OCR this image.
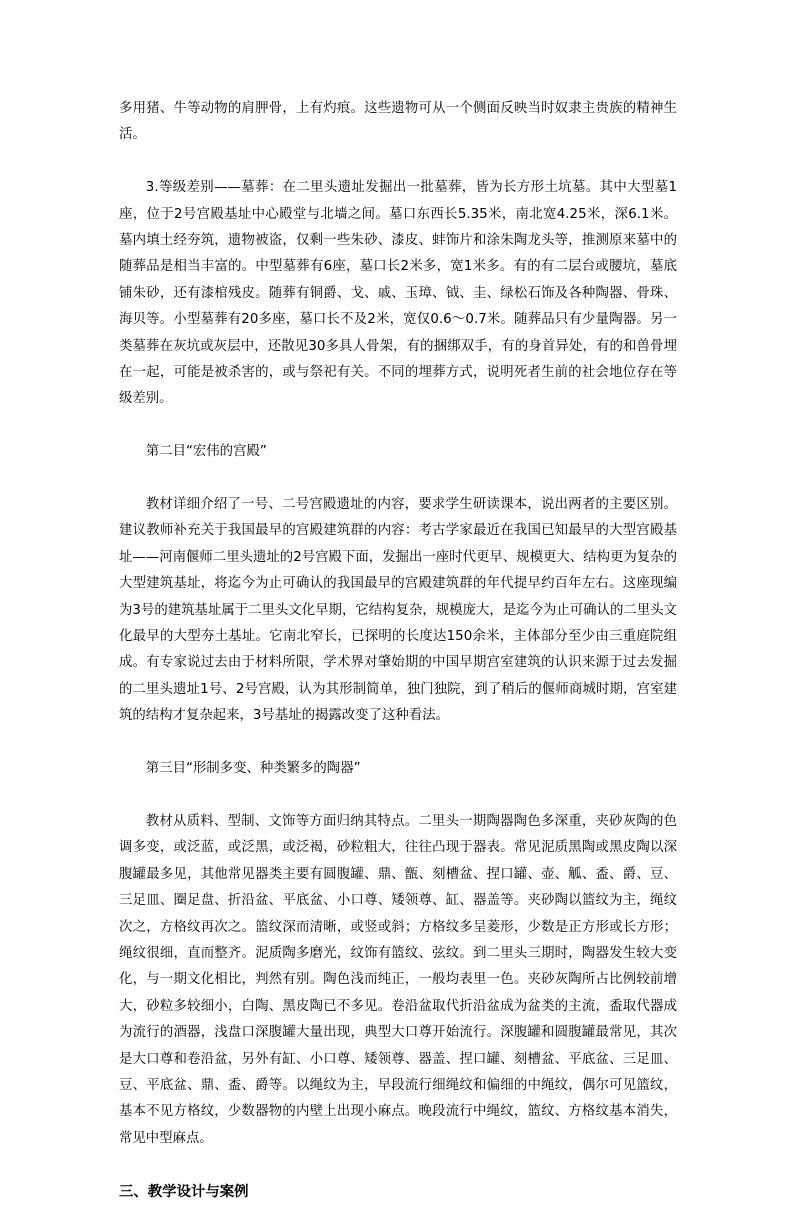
多用猪、牛等动物的肩胛骨，上有灼痕。这些遗物可从一个侧面反映当时奴隶主贵族的精神生活。

3.等级差别——墓葬：在二里头遗址发掘出一批墓葬，皆为长方形土坑墓。其中大型墓1座，位于2号宫殿基址中心殿堂与北墙之间。墓口东西长5.35米，南北宽4.25米，深6.1米。墓内填土经夯筑，遗物被盗，仅剩一些朱砂、漆皮、蚌饰片和涂朱陶龙头等，推测原来墓中的随葬品是相当丰富的。中型墓葬有6座，墓口长2米多，宽1米多。有的有二层台或腰坑，墓底铺朱砂，还有漆棺残皮。随葬有铜爵、戈、戚、玉璋、钺、圭、绿松石饰及各种陶器、骨珠、海贝等。小型墓葬有20多座，墓口长不及2米，宽仅0.6～0.7米。随葬品只有少量陶器。另一类墓葬在灰坑或灰层中，还散见30多具人骨架，有的捆绑双手，有的身首异处，有的和兽骨埋在一起，可能是被杀害的，或与祭祀有关。不同的埋葬方式，说明死者生前的社会地位存在等级差别。

第二目“宏伟的宫殿”

教材详细介绍了一号、二号宫殿遗址的内容，要求学生研读课本，说出两者的主要区别。建议教师补充关于我国最早的宫殿建筑群的内容：考古学家最近在我国已知最早的大型宫殿基址——河南偃师二里头遗址的2号宫殿下面，发掘出一座时代更早、规模更大、结构更为复杂的大型建筑基址，将迄今为止可确认的我国最早的宫殿建筑群的年代提早约百年左右。这座现编为3号的建筑基址属于二里头文化早期，它结构复杂，规模庞大，是迄今为止可确认的二里头文化最早的大型夯土基址。它南北窄长，已探明的长度达150余米，主体部分至少由三重庭院组成。有专家说过去由于材料所限，学术界对肇始期的中国早期宫室建筑的认识来源于过去发掘的二里头遗址1号、2号宫殿，认为其形制简单，独门独院，到了稍后的偃师商城时期，宫室建筑的结构才复杂起来，3号基址的揭露改变了这种看法。

第三目“形制多变、种类繁多的陶器”

教材从质料、型制、文饰等方面归纳其特点。二里头一期陶器陶色多深重，夹砂灰陶的色调多变，或泛蓝，或泛黑，或泛褐，砂粒粗大，往往凸现于器表。常见泥质黑陶或黑皮陶以深腹罐最多见，其他常见器类主要有圆腹罐、鼎、甑、刻槽盆、捏口罐、壶、觚、盉、爵、豆、三足皿、圈足盘、折沿盆、平底盆、小口尊、矮领尊、缸、器盖等。夹砂陶以篮纹为主，绳纹次之，方格纹再次之。篮纹深而清晰，或竖或斜；方格纹多呈菱形，少数是正方形或长方形；绳纹很细，直而整齐。泥质陶多磨光，纹饰有篮纹、弦纹。到二里头三期时，陶器发生较大变化，与一期文化相比，判然有别。陶色浅而纯正，一般均表里一色。夹砂灰陶所占比例较前增大，砂粒多较细小，白陶、黑皮陶已不多见。卷沿盆取代折沿盆成为盆类的主流，盉取代器成为流行的酒器，浅盘口深腹罐大量出现，典型大口尊开始流行。深腹罐和圆腹罐最常见，其次是大口尊和卷沿盆，另外有缸、小口尊、矮领尊、器盖、捏口罐、刻槽盆、平底盆、三足皿、豆、平底盆、鼎、盉、爵等。以绳纹为主，早段流行细绳纹和偏细的中绳纹，偶尔可见篮纹，基本不见方格纹，少数器物的内壁上出现小麻点。晚段流行中绳纹，篮纹、方格纹基本消失，常见中型麻点。

三、教学设计与案例
